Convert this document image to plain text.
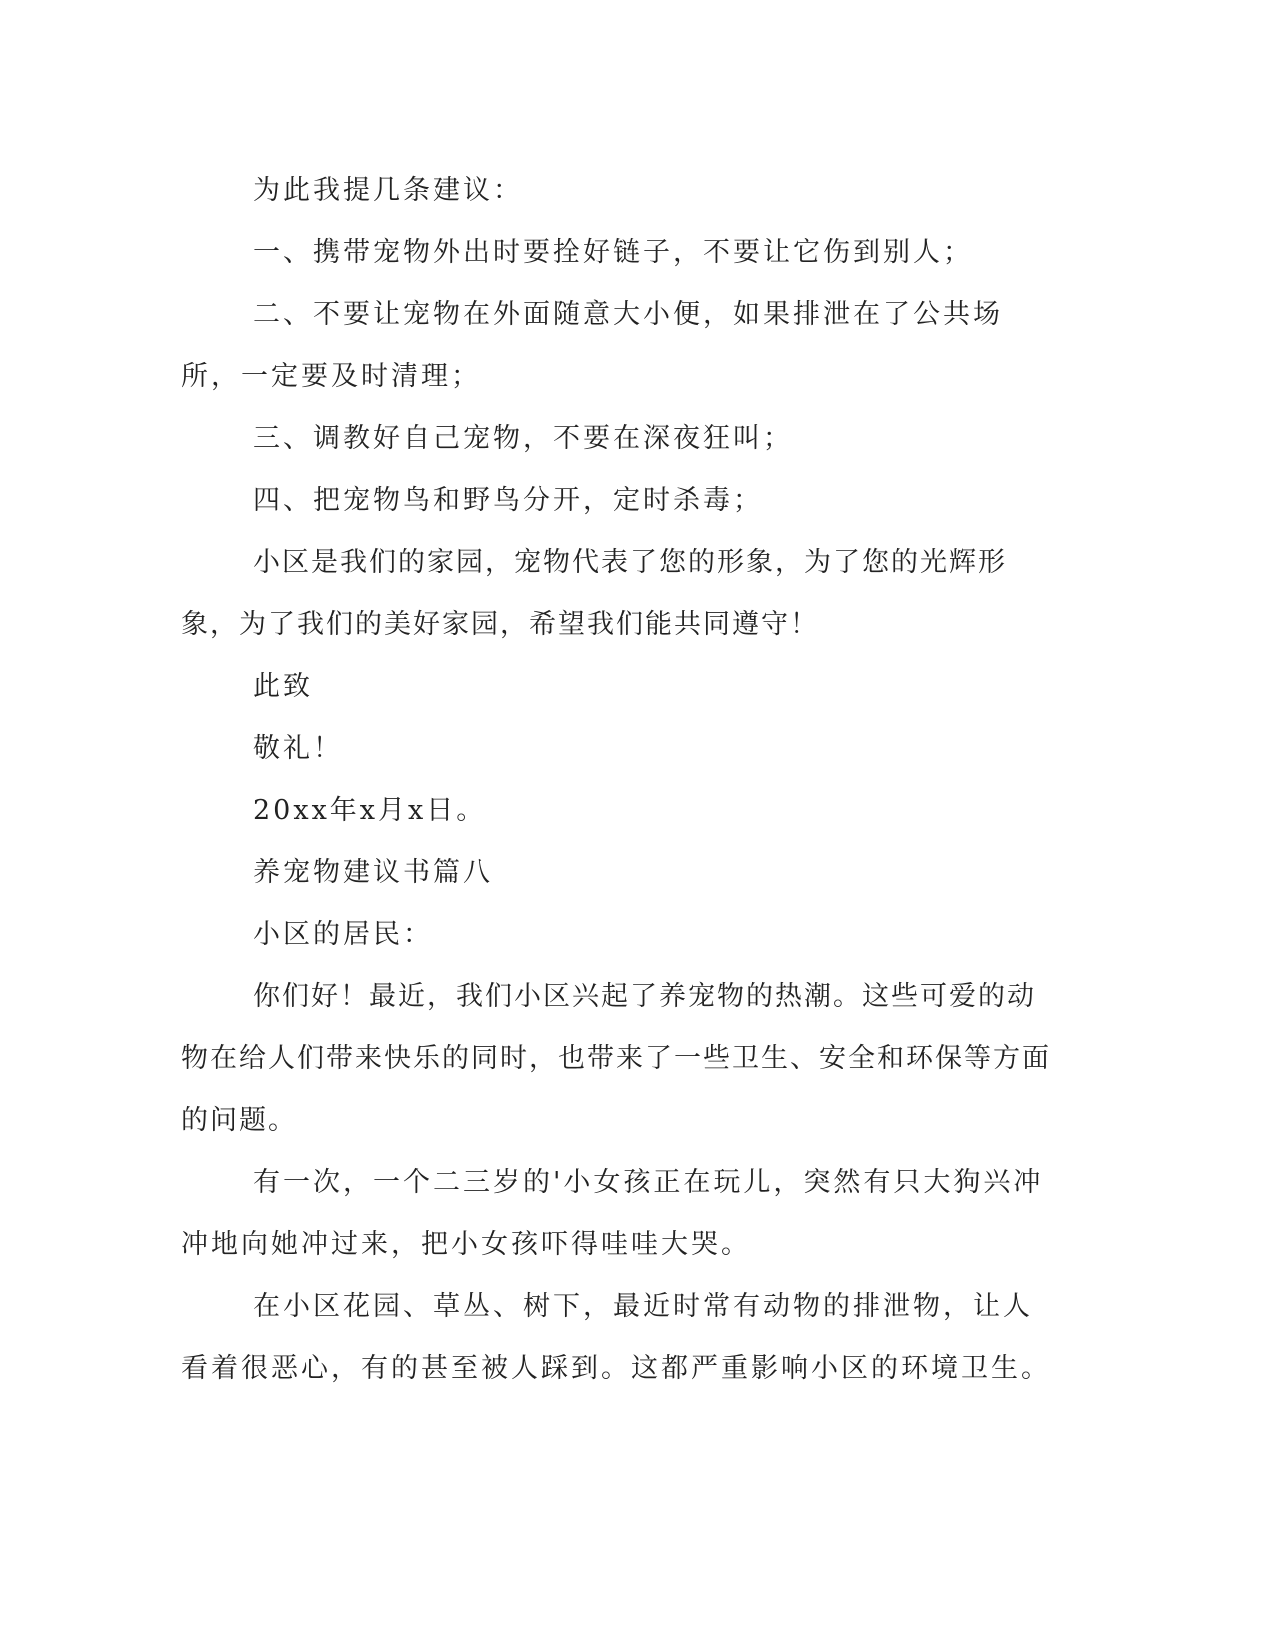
为此我提几条建议：

一、携带宠物外出时要拴好链子，不要让它伤到别人；

二、不要让宠物在外面随意大小便，如果排泄在了公共场所，一定要及时清理；

三、调教好自己宠物，不要在深夜狂叫；

四、把宠物鸟和野鸟分开，定时杀毒；

小区是我们的家园，宠物代表了您的形象，为了您的光辉形象，为了我们的美好家园，希望我们能共同遵守！

此致

敬礼！

20xx年x月x日。

养宠物建议书篇八

小区的居民：

你们好！最近，我们小区兴起了养宠物的热潮。这些可爱的动物在给人们带来快乐的同时，也带来了一些卫生、安全和环保等方面的问题。

有一次，一个二三岁的'小女孩正在玩儿，突然有只大狗兴冲冲地向她冲过来，把小女孩吓得哇哇大哭。

在小区花园、草丛、树下，最近时常有动物的排泄物，让人看着很恶心，有的甚至被人踩到。这都严重影响小区的环境卫生。
